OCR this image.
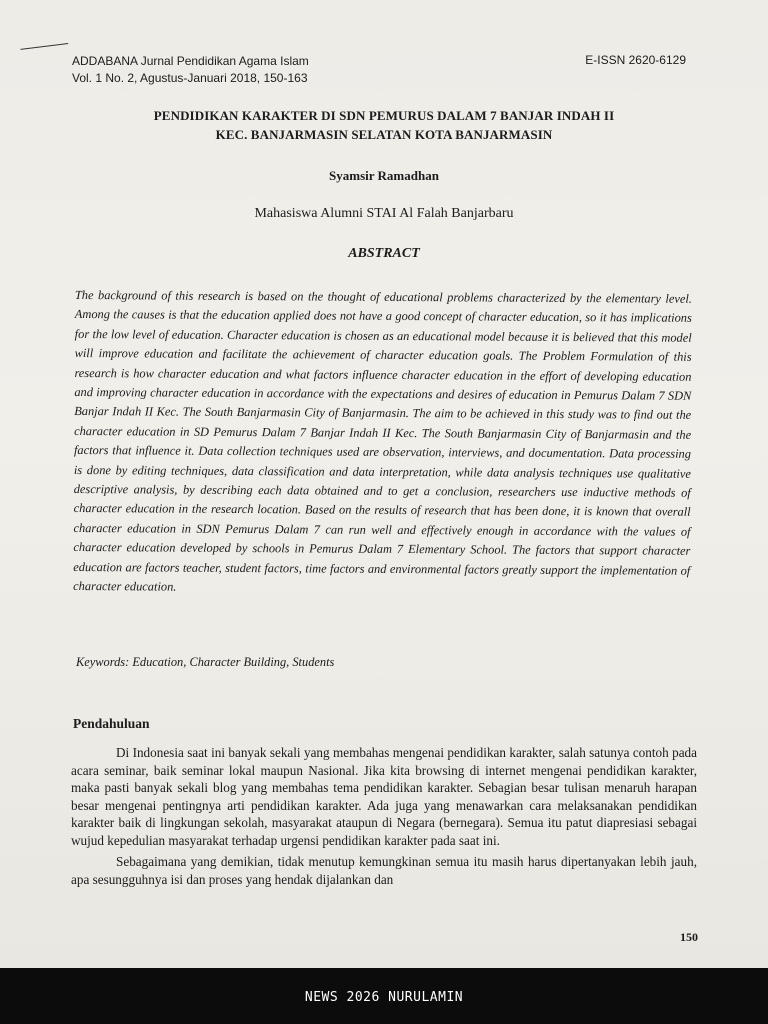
ADDABANA Jurnal Pendidikan Agama Islam
Vol. 1 No. 2, Agustus-Januari 2018, 150-163
E-ISSN 2620-6129
PENDIDIKAN KARAKTER DI SDN PEMURUS DALAM 7 BANJAR INDAH II
KEC. BANJARMASIN SELATAN KOTA BANJARMASIN
Syamsir Ramadhan
Mahasiswa Alumni STAI Al Falah Banjarbaru
ABSTRACT
The background of this research is based on the thought of educational problems characterized by the elementary level. Among the causes is that the education applied does not have a good concept of character education, so it has implications for the low level of education. Character education is chosen as an educational model because it is believed that this model will improve education and facilitate the achievement of character education goals. The Problem Formulation of this research is how character education and what factors influence character education in the effort of developing education and improving character education in accordance with the expectations and desires of education in Pemurus Dalam 7 SDN Banjar Indah II Kec. The South Banjarmasin City of Banjarmasin. The aim to be achieved in this study was to find out the character education in SD Pemurus Dalam 7 Banjar Indah II Kec. The South Banjarmasin City of Banjarmasin and the factors that influence it. Data collection techniques used are observation, interviews, and documentation. Data processing is done by editing techniques, data classification and data interpretation, while data analysis techniques use qualitative descriptive analysis, by describing each data obtained and to get a conclusion, researchers use inductive methods of character education in the research location. Based on the results of research that has been done, it is known that overall character education in SDN Pemurus Dalam 7 can run well and effectively enough in accordance with the values of character education developed by schools in Pemurus Dalam 7 Elementary School. The factors that support character education are factors teacher, student factors, time factors and environmental factors greatly support the implementation of character education.
Keywords: Education, Character Building, Students
Pendahuluan

Di Indonesia saat ini banyak sekali yang membahas mengenai pendidikan karakter, salah satunya contoh pada acara seminar, baik seminar lokal maupun Nasional. Jika kita browsing di internet mengenai pendidikan karakter, maka pasti banyak sekali blog yang membahas tema pendidikan karakter. Sebagian besar tulisan menaruh harapan besar mengenai pentingnya arti pendidikan karakter. Ada juga yang menawarkan cara melaksanakan pendidikan karakter baik di lingkungan sekolah, masyarakat ataupun di Negara (bernegara). Semua itu patut diapresiasi sebagai wujud kepedulian masyarakat terhadap urgensi pendidikan karakter pada saat ini.

Sebagaimana yang demikian, tidak menutup kemungkinan semua itu masih harus dipertanyakan lebih jauh, apa sesungguhnya isi dan proses yang hendak dijalankan dan

150
NEWS 2026 NURULAMIN
